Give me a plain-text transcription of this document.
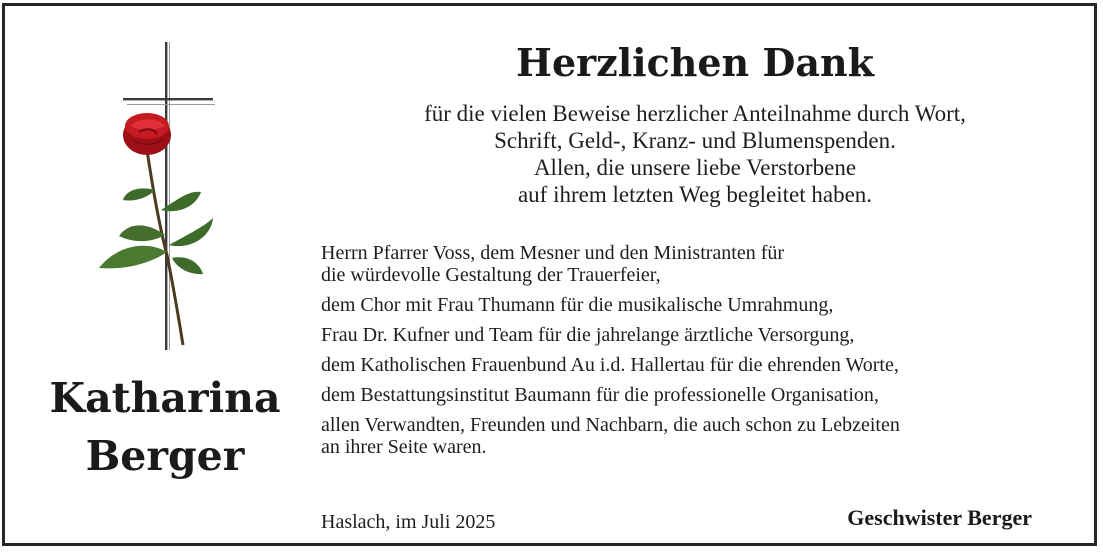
Katharina
Berger
Herzlichen Dank
für die vielen Beweise herzlicher Anteilnahme durch Wort,
Schrift, Geld-, Kranz- und Blumenspenden.
Allen, die unsere liebe Verstorbene
auf ihrem letzten Weg begleitet haben.
Herrn Pfarrer Voss, dem Mesner und den Ministranten für
die würdevolle Gestaltung der Trauerfeier,
dem Chor mit Frau Thumann für die musikalische Umrahmung,
Frau Dr. Kufner und Team für die jahrelange ärztliche Versorgung,
dem Katholischen Frauenbund Au i.d. Hallertau für die ehrenden Worte,
dem Bestattungsinstitut Baumann für die professionelle Organisation,
allen Verwandten, Freunden und Nachbarn, die auch schon zu Lebzeiten
an ihrer Seite waren.
Haslach, im Juli 2025	Geschwister Berger
